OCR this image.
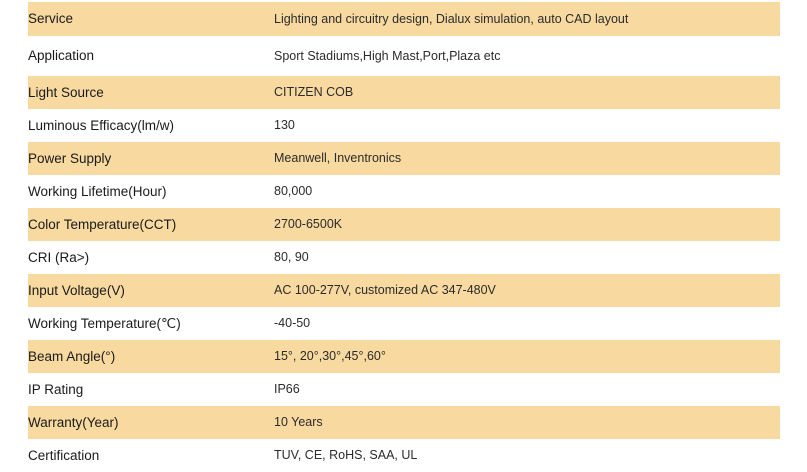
Service	Lighting and circuitry design, Dialux simulation, auto CAD layout
Application	Sport Stadiums,High Mast,Port,Plaza etc
Light Source	CITIZEN COB
Luminous Efficacy(lm/w)	130
Power Supply	Meanwell, Inventronics
Working Lifetime(Hour)	80,000
Color Temperature(CCT)	2700-6500K
CRI (Ra>)	80, 90
Input Voltage(V)	AC 100-277V, customized AC 347-480V
Working Temperature(℃)	-40-50
Beam Angle(°)	15°, 20°,30°,45°,60°
IP Rating	IP66
Warranty(Year)	10 Years
Certification	TUV, CE, RoHS, SAA, UL
